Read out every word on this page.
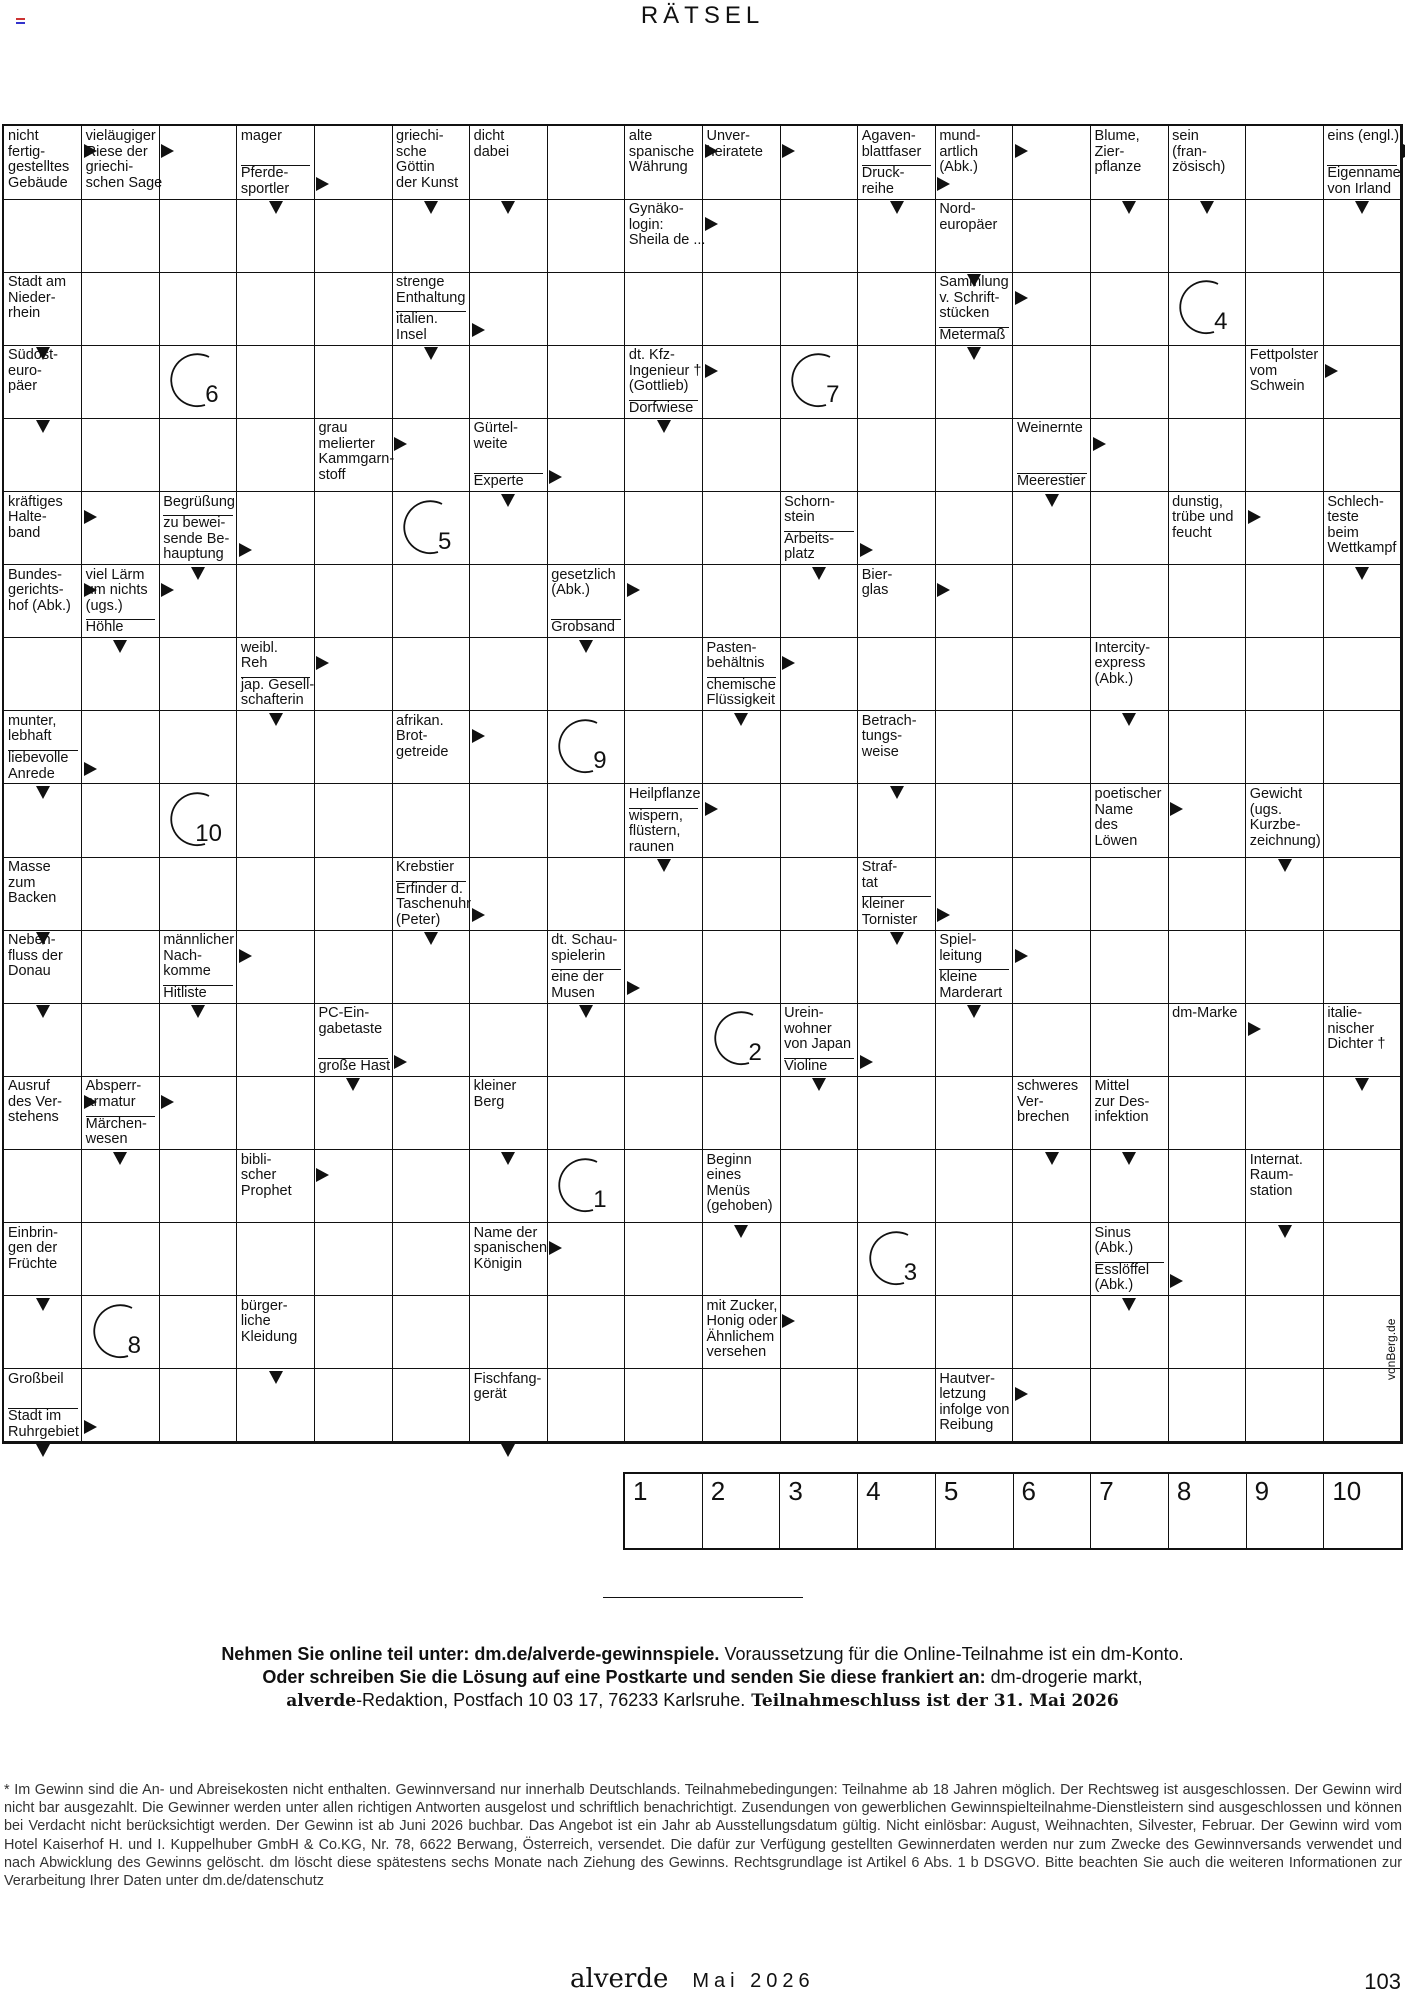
RÄTSEL
nicht
fertig-
gestelltes
Gebäude
vieläugiger
Riese der
griechi-
schen Sage
mager
Pferde-
sportler
griechi-
sche
Göttin
der Kunst
dicht
dabei
alte
spanische
Währung
Unver-
heiratete
Agaven-
blattfaser
Druck-
reihe
mund-
artlich
(Abk.)
Blume,
Zier-
pflanze
sein
(fran-
zösisch)
eins (engl.)
Eigenname
von Irland
Gynäko-
login:
Sheila de ...
Nord-
europäer
Stadt am
Nieder-
rhein
strenge
Enthaltung
italien.
Insel
Sammlung
v. Schrift-
stücken
Metermaß
Südost-
euro-
päer
dt. Kfz-
Ingenieur †
(Gottlieb)
Dorfwiese
Fettpolster
vom
Schwein
grau
melierter
Kammgarn-
stoff
Gürtel-
weite
Experte
Weinernte
Meerestier
kräftiges
Halte-
band
Begrüßung
zu bewei-
sende Be-
hauptung
Schorn-
stein
Arbeits-
platz
dunstig,
trübe und
feucht
Schlech-
teste
beim
Wettkampf
Bundes-
gerichts-
hof (Abk.)
viel Lärm
um nichts
(ugs.)
Höhle
gesetzlich
(Abk.)
Grobsand
Bier-
glas
weibl.
Reh
jap. Gesell-
schafterin
Pasten-
behältnis
chemische
Flüssigkeit
Intercity-
express
(Abk.)
munter,
lebhaft
liebevolle
Anrede
afrikan.
Brot-
getreide
Betrach-
tungs-
weise
Heilpflanze
wispern,
flüstern,
raunen
poetischer
Name
des
Löwen
Gewicht
(ugs.
Kurzbe-
zeichnung)
Masse
zum
Backen
Krebstier
Erfinder d.
Taschenuhr
(Peter)
Straf-
tat
kleiner
Tornister
Neben-
fluss der
Donau
männlicher
Nach-
komme
Hitliste
dt. Schau-
spielerin
eine der
Musen
Spiel-
leitung
kleine
Marderart
PC-Ein-
gabetaste
große Hast
Urein-
wohner
von Japan
Violine
dm-Marke	italie-
nischer
Dichter †
Ausruf
des Ver-
stehens
Absperr-
armatur
Märchen-
wesen
kleiner
Berg
schweres
Ver-
brechen
Mittel
zur Des-
infektion
bibli-
scher
Prophet
Beginn
eines
Menüs
(gehoben)
Internat.
Raum-
station
Einbrin-
gen der
Früchte
Name der
spanischen
Königin
Sinus
(Abk.)
Esslöffel
(Abk.)
bürger-
liche
Kleidung
mit Zucker,
Honig oder
Ähnlichem
versehen
Großbeil
Stadt im
Ruhrgebiet
Fischfang-
gerät
Hautver-
letzung
infolge von
Reibung
6	7
4
5
9
10
2
1
3
8
1 2 3 4 5 6 7 8 9 10
Nehmen Sie online teil unter: dm.de/alverde-gewinnspiele. Voraussetzung für die Online-Teilnahme ist ein dm-Konto.
Oder schreiben Sie die Lösung auf eine Postkarte und senden Sie diese frankiert an: dm-drogerie markt,
alverde-Redaktion, Postfach 10 03 17, 76233 Karlsruhe. Teilnahmeschluss ist der 31. Mai 2026
* Im Gewinn sind die An- und Abreisekosten nicht enthalten. Gewinnversand nur innerhalb Deutschlands. Teilnahmebedingungen: Teilnahme ab 18 Jahren möglich. Der Rechtsweg ist ausgeschlossen. Der Gewinn wird nicht bar ausgezahlt. Die Gewinner werden unter allen richtigen Antworten ausgelost und schriftlich benachrichtigt. Zusendungen von gewerblichen Gewinnspielteilnahme-Dienstleistern sind ausgeschlossen und können bei Verdacht nicht berücksichtigt werden. Der Gewinn ist ab Juni 2026 buchbar. Das Angebot ist ein Jahr ab Ausstellungsdatum gültig. Nicht einlösbar: August, Weihnachten, Silvester, Februar. Der Gewinn wird vom Hotel Kaiserhof H. und I. Kuppelhuber GmbH & Co.KG, Nr. 78, 6622 Berwang, Österreich, versendet. Die dafür zur Verfügung gestellten Gewinnerdaten werden nur zum Zwecke des Gewinnversands verwendet und nach Abwicklung des Gewinns gelöscht. dm löscht diese spätestens sechs Monate nach Ziehung des Gewinns. Rechtsgrundlage ist Artikel 6 Abs. 1 b DSGVO. Bitte beachten Sie auch die weiteren Informationen zur Verarbeitung Ihrer Daten unter dm.de/datenschutz
vonBerg.de
alverde Mai 2026	103
